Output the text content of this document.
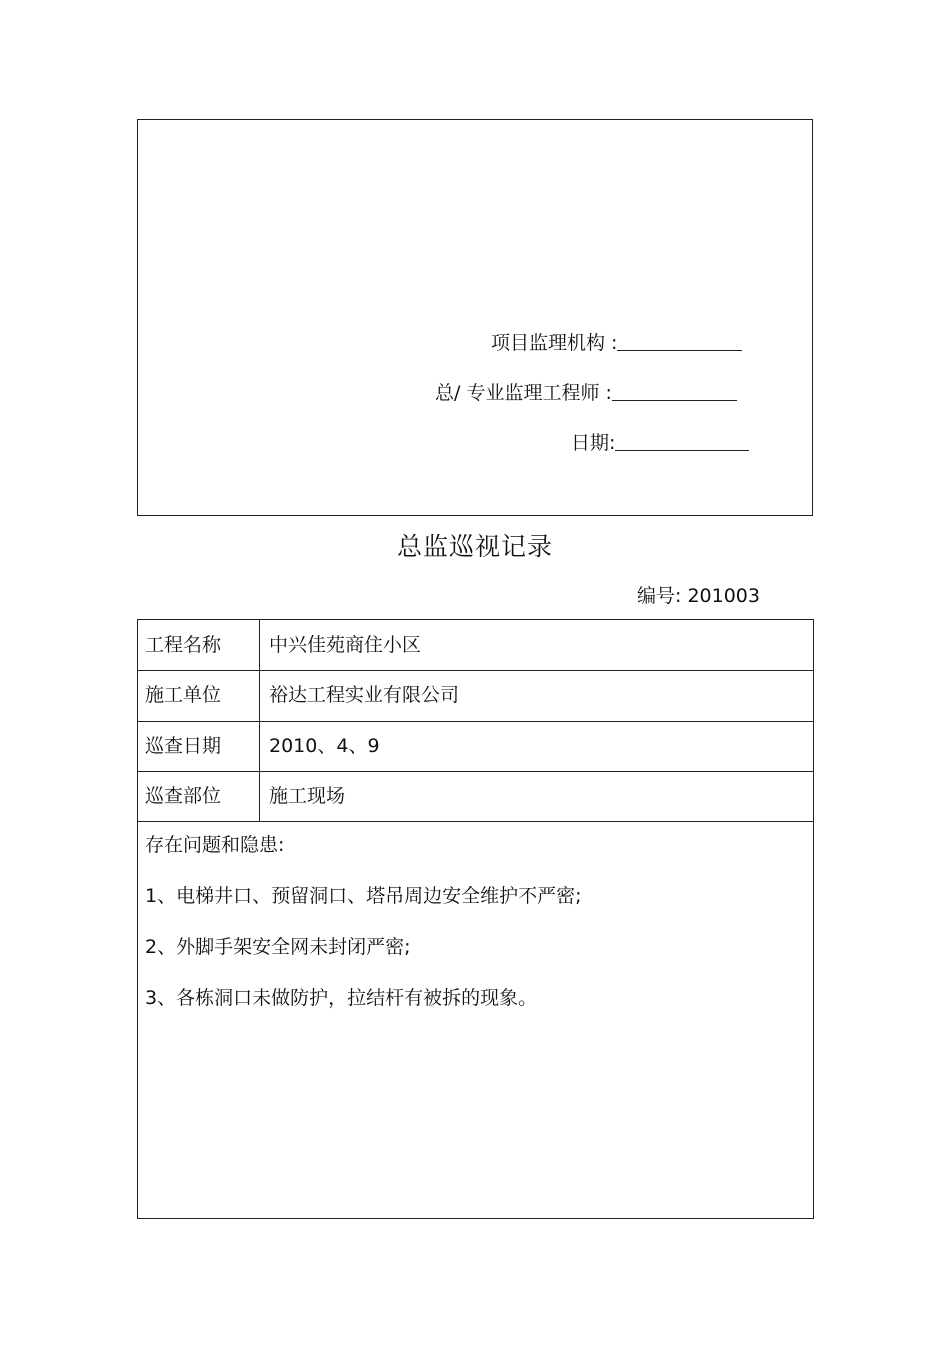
项目监理机构 :
总/ 专业监理工程师 :
日期:
总监巡视记录
编号: 201003
工程名称	中兴佳苑商住小区
施工单位	裕达工程实业有限公司
巡查日期	2010、4、9
巡查部位	施工现场
存在问题和隐患:
1、电梯井口、预留洞口、塔吊周边安全维护不严密;
2、外脚手架安全网未封闭严密;
3、各栋洞口未做防护，拉结杆有被拆的现象。
